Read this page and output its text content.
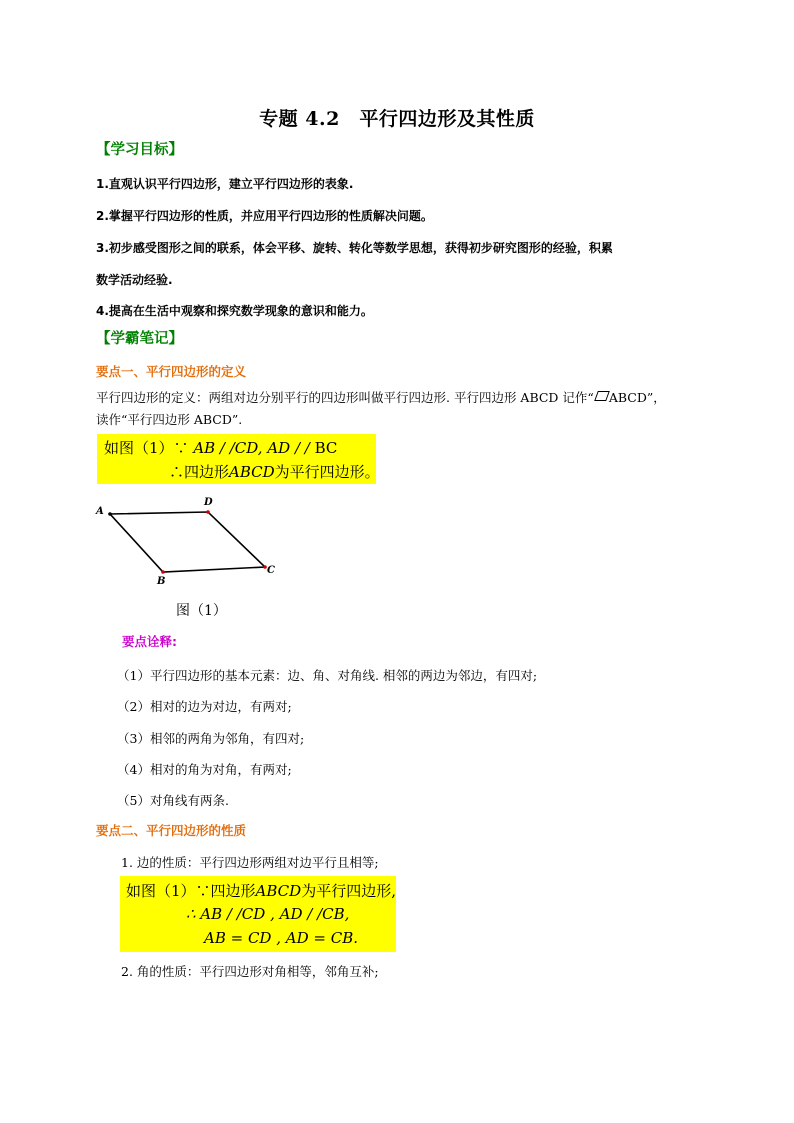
专题 4.2　平行四边形及其性质
【学习目标】
1.直观认识平行四边形，建立平行四边形的表象.
2.掌握平行四边形的性质，并应用平行四边形的性质解决问题。
3.初步感受图形之间的联系，体会平移、旋转、转化等数学思想，获得初步研究图形的经验，积累
数学活动经验.
4.提高在生活中观察和探究数学现象的意识和能力。
【学霸笔记】
要点一、平行四边形的定义
平行四边形的定义：两组对边分别平行的四边形叫做平行四边形. 平行四边形 ABCD 记作“ ABCD”，
读作“平行四边形 ABCD”.
如图（1）∵ AB / /CD, AD / / BC
∴四边形ABCD为平行四边形。
A
D
C
B
图（1）
要点诠释:
（1）平行四边形的基本元素：边、角、对角线. 相邻的两边为邻边，有四对;
（2）相对的边为对边，有两对;
（3）相邻的两角为邻角，有四对;
（4）相对的角为对角，有两对;
（5）对角线有两条.
要点二、平行四边形的性质
1. 边的性质：平行四边形两组对边平行且相等;
如图（1）∵四边形ABCD为平行四边形,
∴ AB / /CD , AD / /CB,
AB = CD , AD = CB.
2. 角的性质：平行四边形对角相等，邻角互补;
